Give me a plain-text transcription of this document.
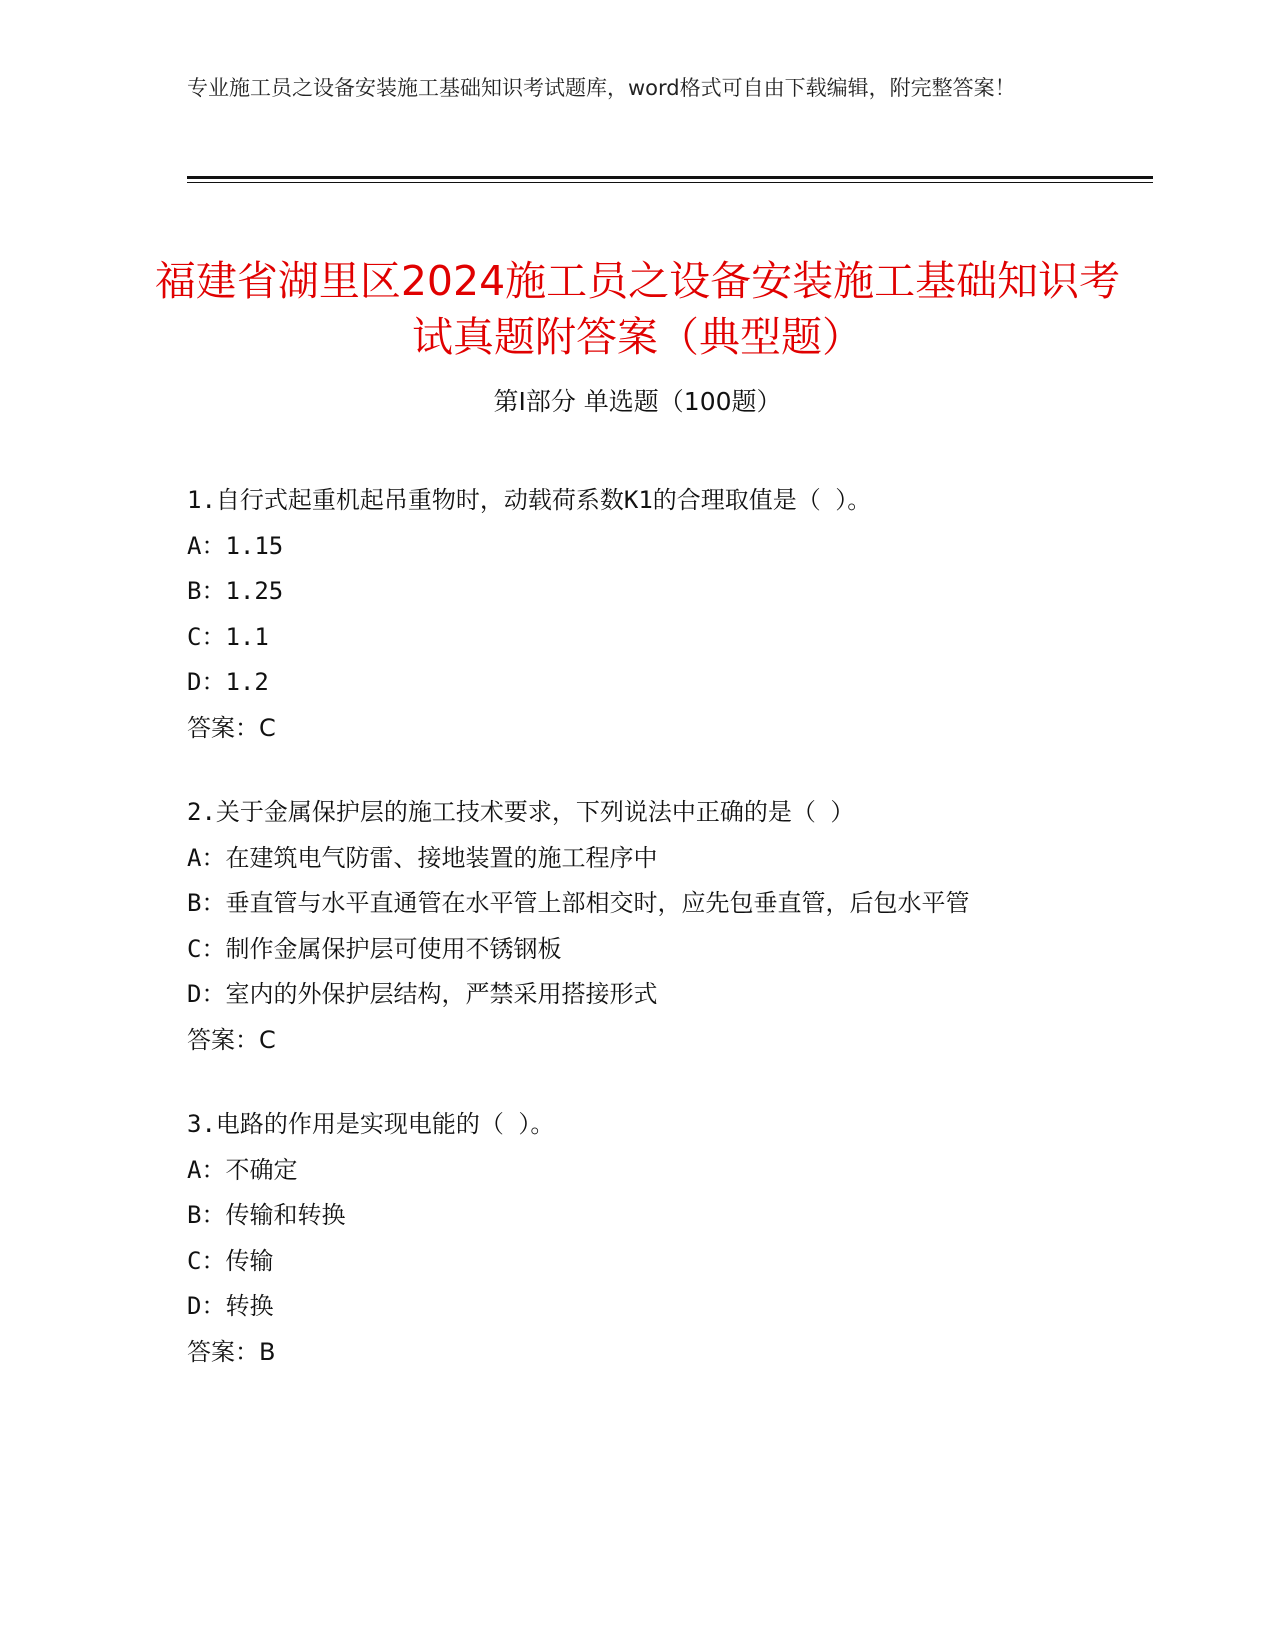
专业施工员之设备安装施工基础知识考试题库，word格式可自由下载编辑，附完整答案！
福建省湖里区2024施工员之设备安装施工基础知识考试真题附答案（典型题）
第Ⅰ部分 单选题（100题）

1.自行式起重机起吊重物时，动载荷系数K1的合理取值是（ ）。

A：1.15

B：1.25

C：1.1

D：1.2

答案：C

2.关于金属保护层的施工技术要求，下列说法中正确的是（ ）

A：在建筑电气防雷、接地装置的施工程序中

B：垂直管与水平直通管在水平管上部相交时，应先包垂直管，后包水平管

C：制作金属保护层可使用不锈钢板

D：室内的外保护层结构，严禁采用搭接形式

答案：C

3.电路的作用是实现电能的（ ）。

A：不确定

B：传输和转换

C：传输

D：转换

答案：B
